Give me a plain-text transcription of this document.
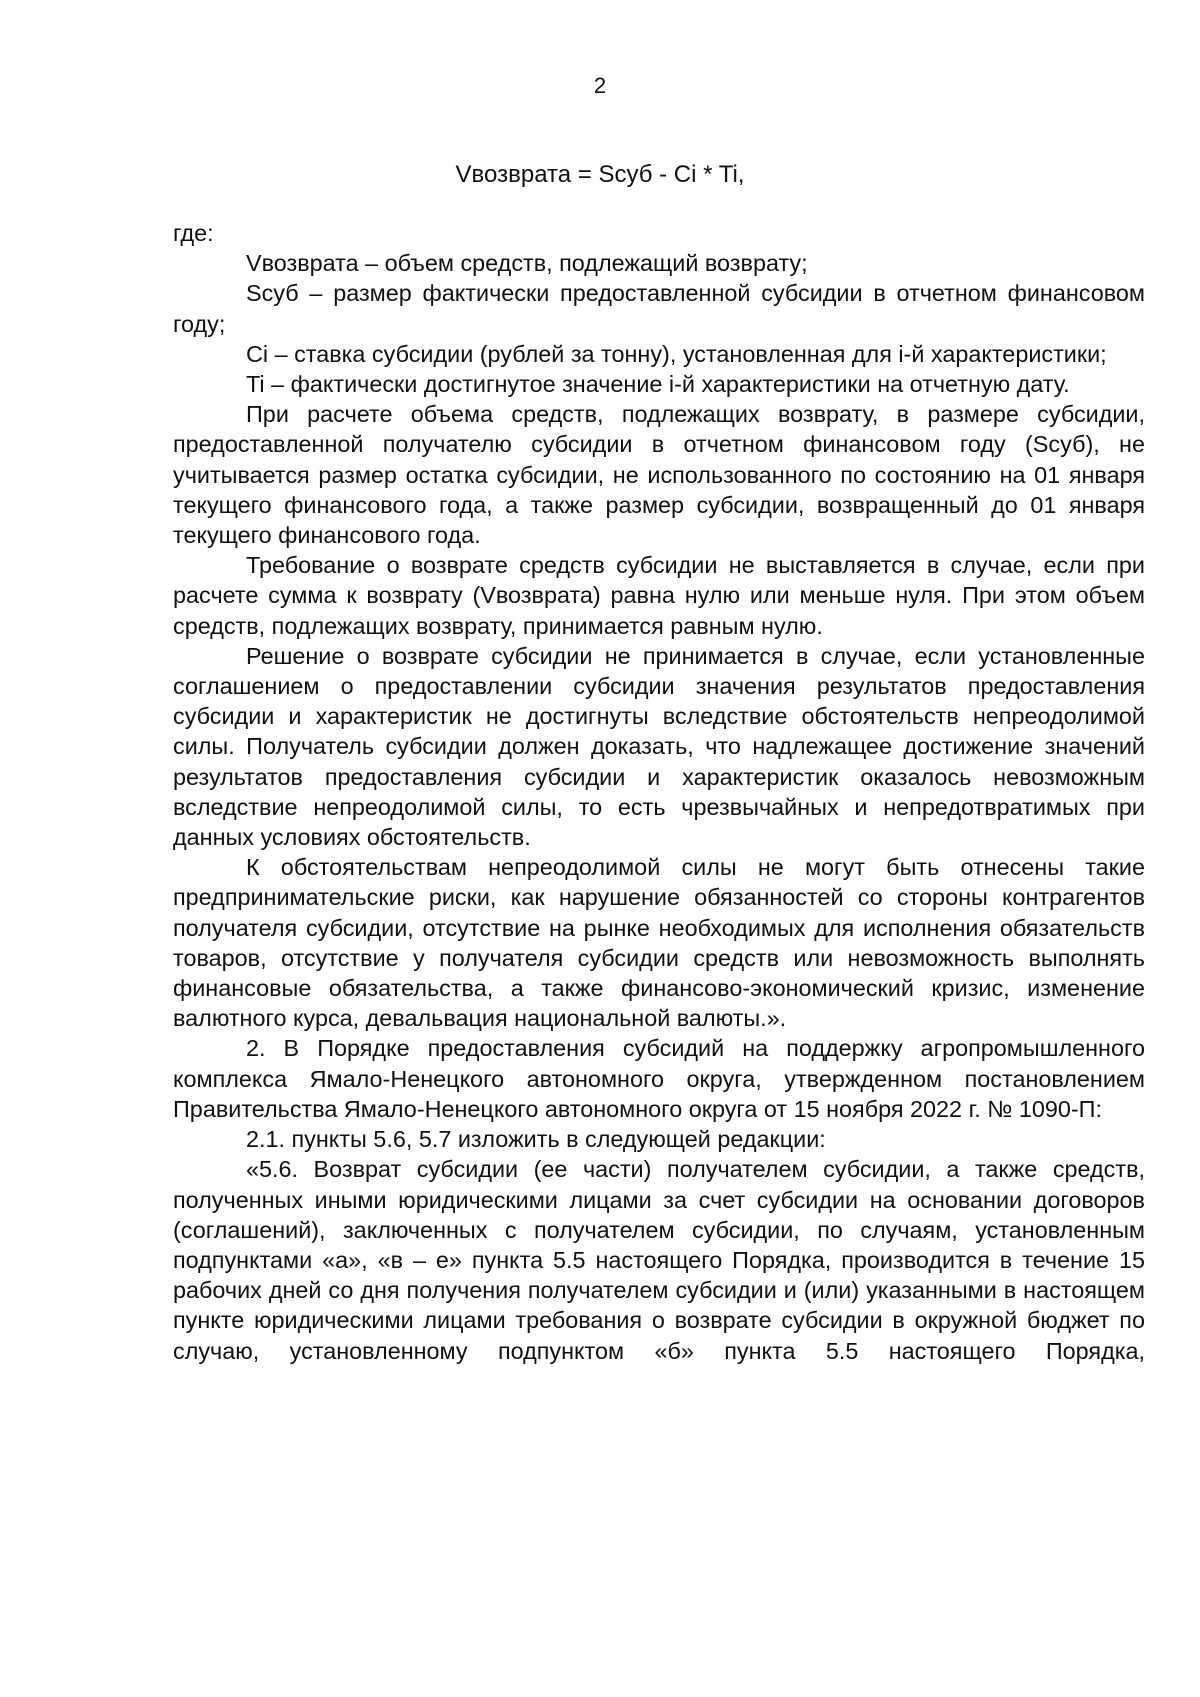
2
Vвозврата = Sсуб - Ci * Ti,

где:

Vвозврата – объем средств, подлежащий возврату;

Sсуб – размер фактически предоставленной субсидии в отчетном финансовом году;

Ci – ставка субсидии (рублей за тонну), установленная для i-й характеристики;

Ti – фактически достигнутое значение i-й характеристики на отчетную дату.

При расчете объема средств, подлежащих возврату, в размере субсидии, предоставленной получателю субсидии в отчетном финансовом году (Sсуб), не учитывается размер остатка субсидии, не использованного по состоянию на 01 января текущего финансового года, а также размер субсидии, возвращенный до 01 января текущего финансового года.

Требование о возврате средств субсидии не выставляется в случае, если при расчете сумма к возврату (Vвозврата) равна нулю или меньше нуля. При этом объем средств, подлежащих возврату, принимается равным нулю.

Решение о возврате субсидии не принимается в случае, если установленные соглашением о предоставлении субсидии значения результатов предоставления субсидии и характеристик не достигнуты вследствие обстоятельств непреодолимой силы. Получатель субсидии должен доказать, что надлежащее достижение значений результатов предоставления субсидии и характеристик оказалось невозможным вследствие непреодолимой силы, то есть чрезвычайных и непредотвратимых при данных условиях обстоятельств.

К обстоятельствам непреодолимой силы не могут быть отнесены такие предпринимательские риски, как нарушение обязанностей со стороны контрагентов получателя субсидии, отсутствие на рынке необходимых для исполнения обязательств товаров, отсутствие у получателя субсидии средств или невозможность выполнять финансовые обязательства, а также финансово-экономический кризис, изменение валютного курса, девальвация национальной валюты.».

2. В Порядке предоставления субсидий на поддержку агропромышленного комплекса Ямало-Ненецкого автономного округа, утвержденном постановлением Правительства Ямало-Ненецкого автономного округа от 15 ноября 2022 г. № 1090-П:

2.1. пункты 5.6, 5.7 изложить в следующей редакции:

«5.6. Возврат субсидии (ее части) получателем субсидии, а также средств, полученных иными юридическими лицами за счет субсидии на основании договоров (соглашений), заключенных с получателем субсидии, по случаям, установленным подпунктами «а», «в – е» пункта 5.5 настоящего Порядка, производится в течение 15 рабочих дней со дня получения получателем субсидии и (или) указанными в настоящем пункте юридическими лицами требования о возврате субсидии в окружной бюджет по случаю, установленному подпунктом «б» пункта 5.5 настоящего Порядка,
